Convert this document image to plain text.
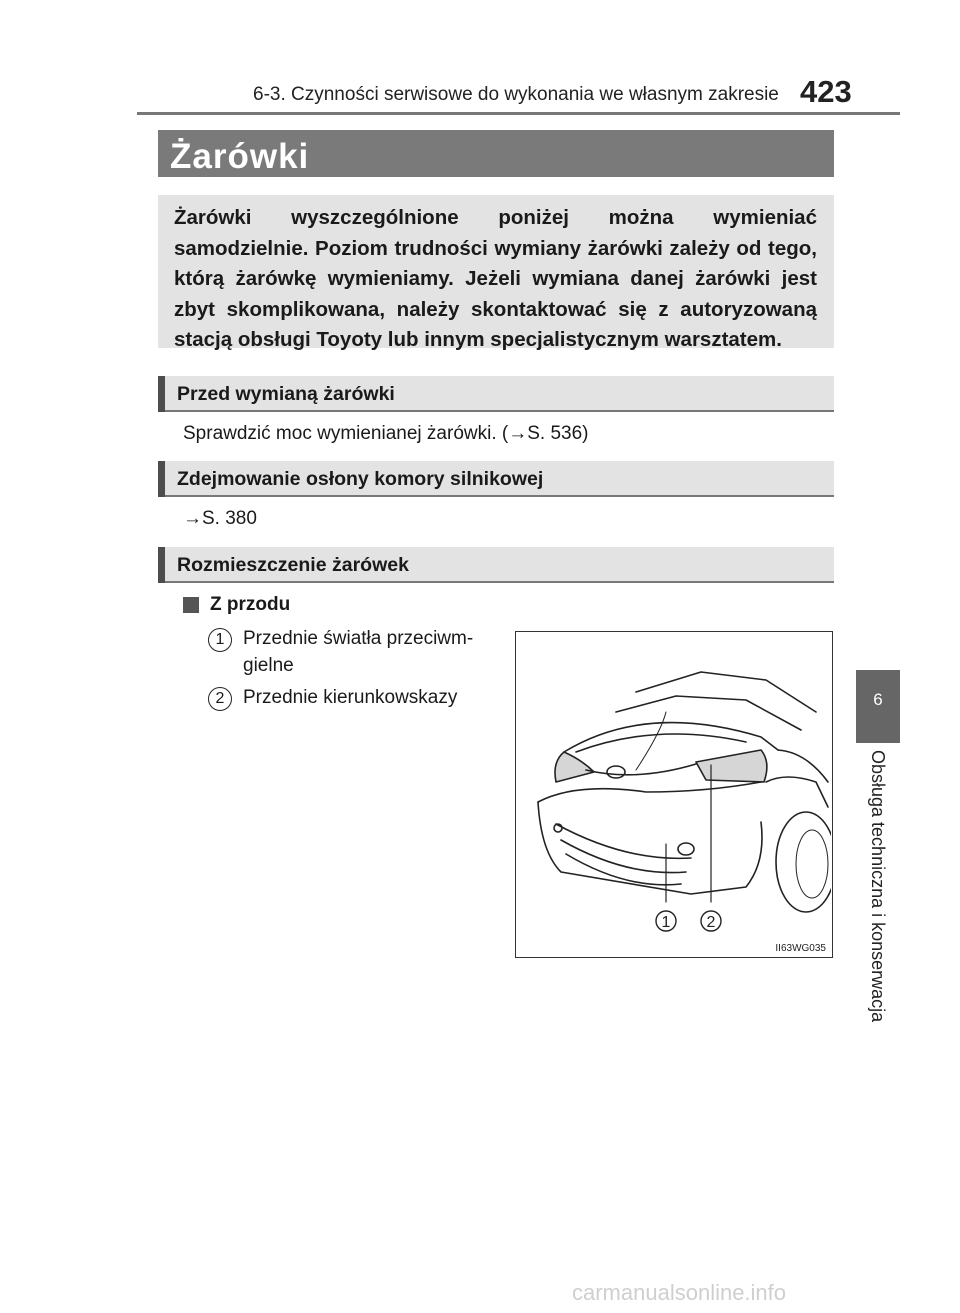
6-3. Czynności serwisowe do wykonania we własnym zakresie 423
Żarówki
Żarówki wyszczególnione poniżej można wymieniać samodzielnie. Poziom trudności wymiany żarówki zależy od tego, którą żarówkę wymieniamy. Jeżeli wymiana danej żarówki jest zbyt skomplikowana, należy skontaktować się z autoryzowaną stacją obsługi Toyoty lub innym specjalistycznym warsztatem.
Przed wymianą żarówki
Sprawdzić moc wymienianej żarówki. (→S. 536)
Zdejmowanie osłony komory silnikowej
→S. 380
Rozmieszczenie żarówek
Z przodu
1 Przednie światła przeciwm-
gielne
2 Przednie kierunkowskazy
1 2
II63WG035
6
Obsługa techniczna i konserwacja
carmanualsonline.info
